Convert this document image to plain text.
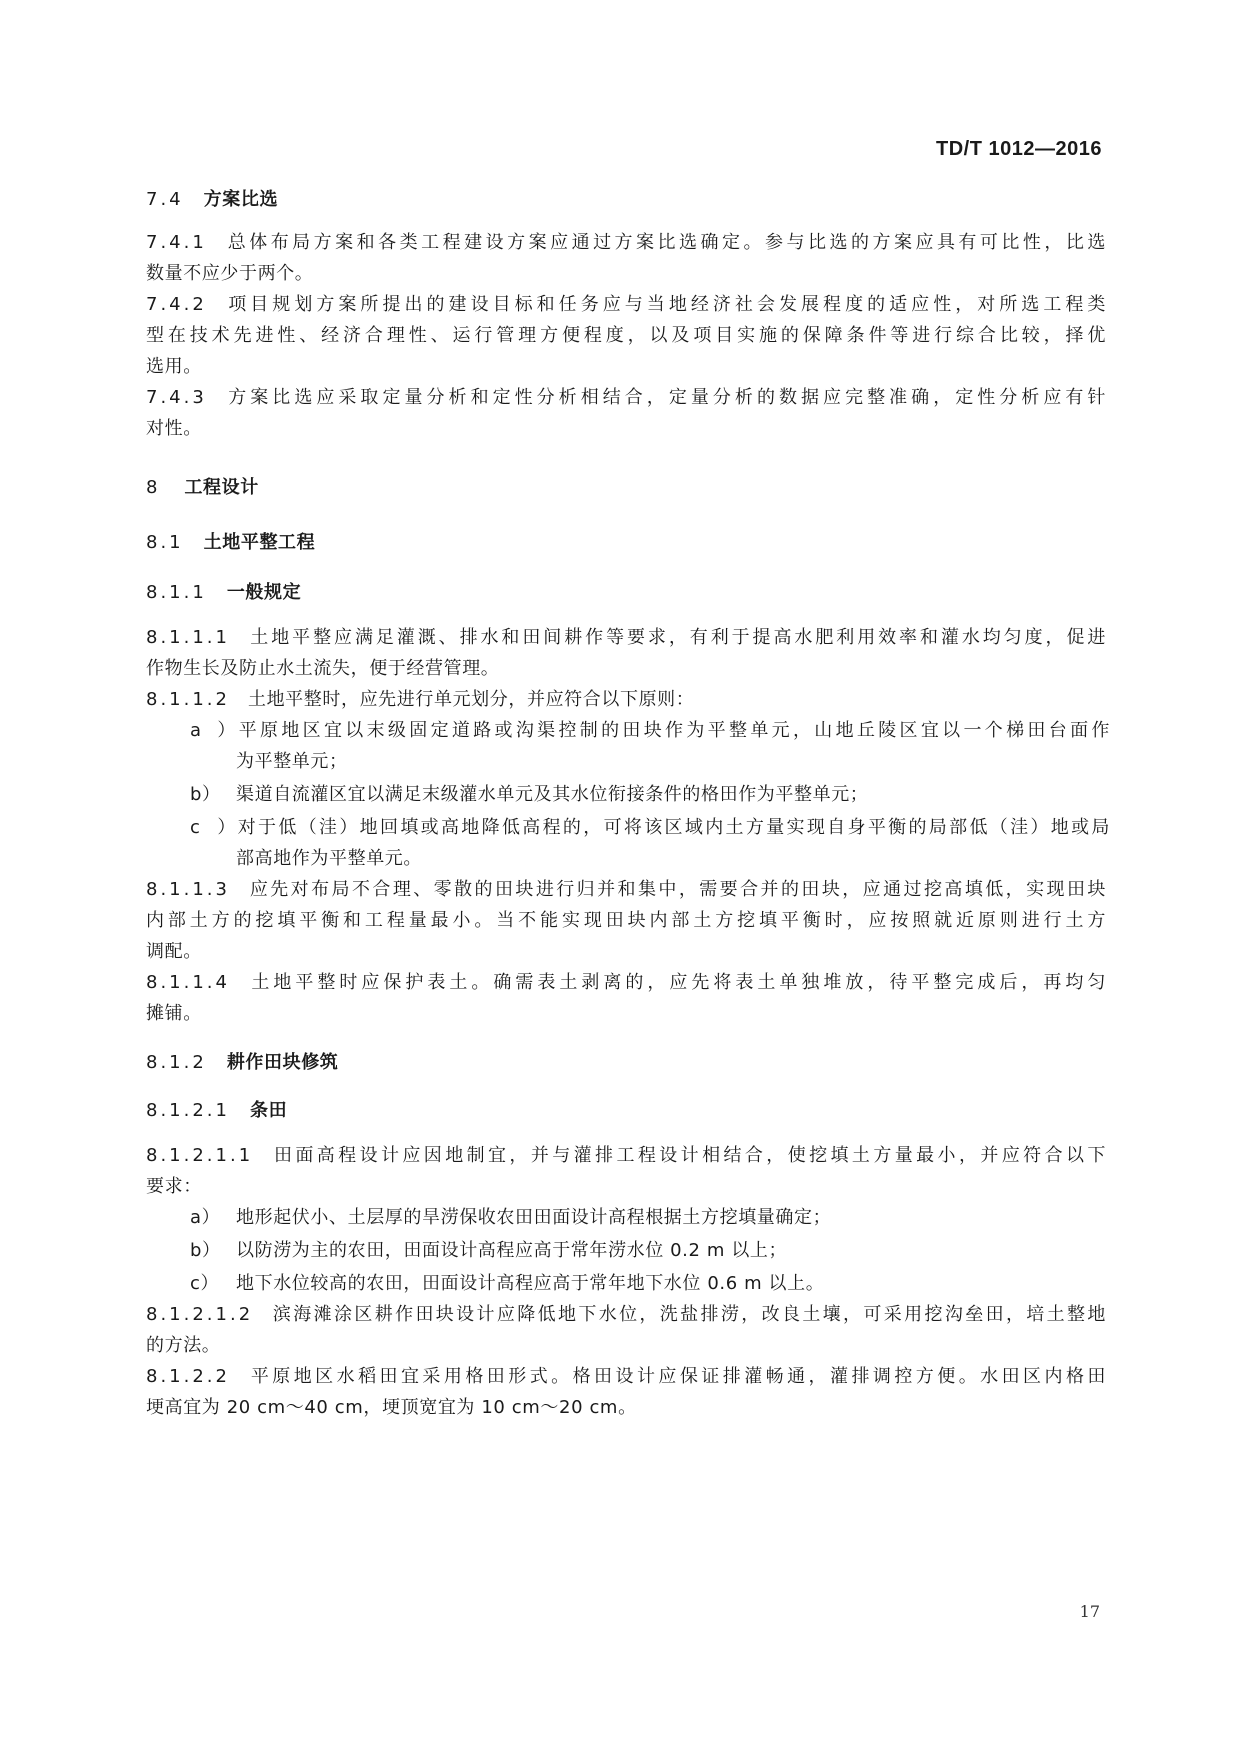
TD/T 1012—2016
7.4 方案比选
7.4.1 总体布局方案和各类工程建设方案应通过方案比选确定。参与比选的方案应具有可比性，比选
数量不应少于两个。
7.4.2 项目规划方案所提出的建设目标和任务应与当地经济社会发展程度的适应性，对所选工程类
型在技术先进性、经济合理性、运行管理方便程度，以及项目实施的保障条件等进行综合比较，择优
选用。
7.4.3 方案比选应采取定量分析和定性分析相结合，定量分析的数据应完整准确，定性分析应有针
对性。
8 工程设计
8.1 土地平整工程
8.1.1 一般规定
8.1.1.1 土地平整应满足灌溉、排水和田间耕作等要求，有利于提高水肥利用效率和灌水均匀度，促进
作物生长及防止水土流失，便于经营管理。
8.1.1.2 土地平整时，应先进行单元划分，并应符合以下原则：
a）平原地区宜以末级固定道路或沟渠控制的田块作为平整单元，山地丘陵区宜以一个梯田台面作
为平整单元；
b） 渠道自流灌区宜以满足末级灌水单元及其水位衔接条件的格田作为平整单元；
c）对于低（洼）地回填或高地降低高程的，可将该区域内土方量实现自身平衡的局部低（洼）地或局
部高地作为平整单元。
8.1.1.3 应先对布局不合理、零散的田块进行归并和集中，需要合并的田块，应通过挖高填低，实现田块
内部土方的挖填平衡和工程量最小。当不能实现田块内部土方挖填平衡时，应按照就近原则进行土方
调配。
8.1.1.4 土地平整时应保护表土。确需表土剥离的，应先将表土单独堆放，待平整完成后，再均匀
摊铺。
8.1.2 耕作田块修筑
8.1.2.1 条田
8.1.2.1.1 田面高程设计应因地制宜，并与灌排工程设计相结合，使挖填土方量最小，并应符合以下
要求：
a） 地形起伏小、土层厚的旱涝保收农田田面设计高程根据土方挖填量确定；
b） 以防涝为主的农田，田面设计高程应高于常年涝水位 0.2 m 以上；
c） 地下水位较高的农田，田面设计高程应高于常年地下水位 0.6 m 以上。
8.1.2.1.2 滨海滩涂区耕作田块设计应降低地下水位，洗盐排涝，改良土壤，可采用挖沟垒田，培土整地
的方法。
8.1.2.2 平原地区水稻田宜采用格田形式。格田设计应保证排灌畅通，灌排调控方便。水田区内格田
埂高宜为 20 cm～40 cm，埂顶宽宜为 10 cm～20 cm。
17
